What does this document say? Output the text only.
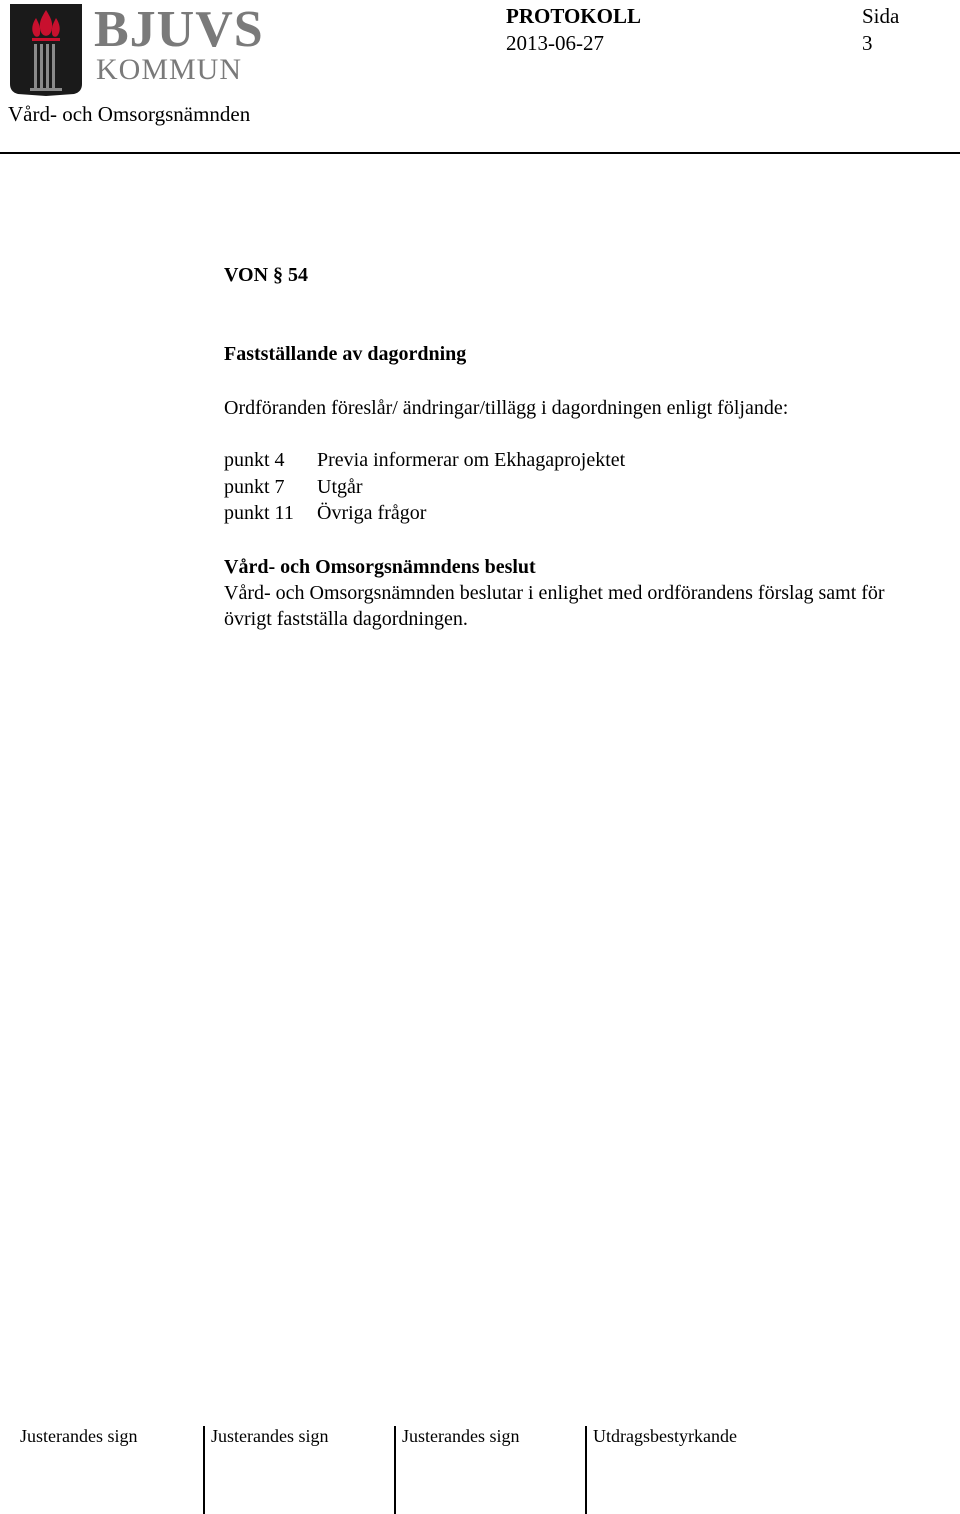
BJUVS
KOMMUN
Vård- och Omsorgsnämnden
PROTOKOLL
2013-06-27
Sida
3
VON § 54
Fastställande av dagordning
Ordföranden föreslår/ ändringar/tillägg i dagordningen enligt följande:
punkt 4	Previa informerar om Ekhagaprojektet
punkt 7	Utgår
punkt 11	Övriga frågor
Vård- och Omsorgsnämndens beslut
Vård- och Omsorgsnämnden beslutar i enlighet med ordförandens förslag samt för övrigt fastställa dagordningen.
Justerandes sign	Justerandes sign	Justerandes sign	Utdragsbestyrkande
